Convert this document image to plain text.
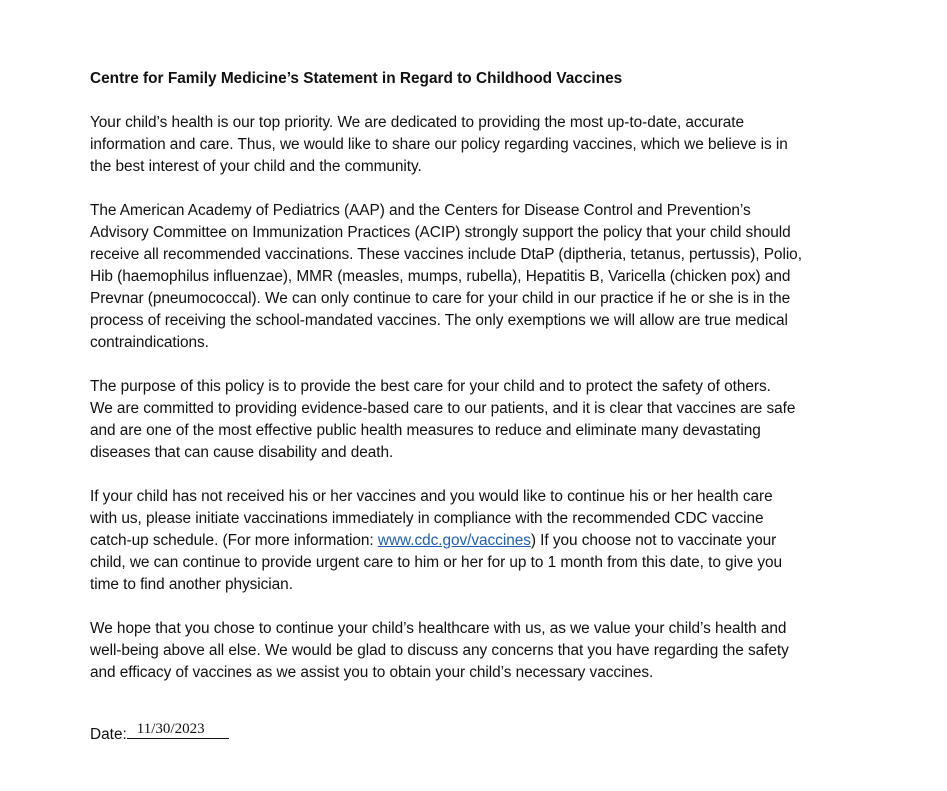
Centre for Family Medicine’s Statement in Regard to Childhood Vaccines
Your child’s health is our top priority. We are dedicated to providing the most up-to-date, accurate
information and care. Thus, we would like to share our policy regarding vaccines, which we believe is in
the best interest of your child and the community.
The American Academy of Pediatrics (AAP) and the Centers for Disease Control and Prevention’s
Advisory Committee on Immunization Practices (ACIP) strongly support the policy that your child should
receive all recommended vaccinations. These vaccines include DtaP (diptheria, tetanus, pertussis), Polio,
Hib (haemophilus influenzae), MMR (measles, mumps, rubella), Hepatitis B, Varicella (chicken pox) and
Prevnar (pneumococcal). We can only continue to care for your child in our practice if he or she is in the
process of receiving the school-mandated vaccines. The only exemptions we will allow are true medical
contraindications.
The purpose of this policy is to provide the best care for your child and to protect the safety of others.
We are committed to providing evidence-based care to our patients, and it is clear that vaccines are safe
and are one of the most effective public health measures to reduce and eliminate many devastating
diseases that can cause disability and death.
If your child has not received his or her vaccines and you would like to continue his or her health care
with us, please initiate vaccinations immediately in compliance with the recommended CDC vaccine
catch-up schedule. (For more information: www.cdc.gov/vaccines) If you choose not to vaccinate your
child, we can continue to provide urgent care to him or her for up to 1 month from this date, to give you
time to find another physician.
We hope that you chose to continue your child’s healthcare with us, as we value your child’s health and
well-being above all else. We would be glad to discuss any concerns that you have regarding the safety
and efficacy of vaccines as we assist you to obtain your child’s necessary vaccines.
Date: 11/30/2023
